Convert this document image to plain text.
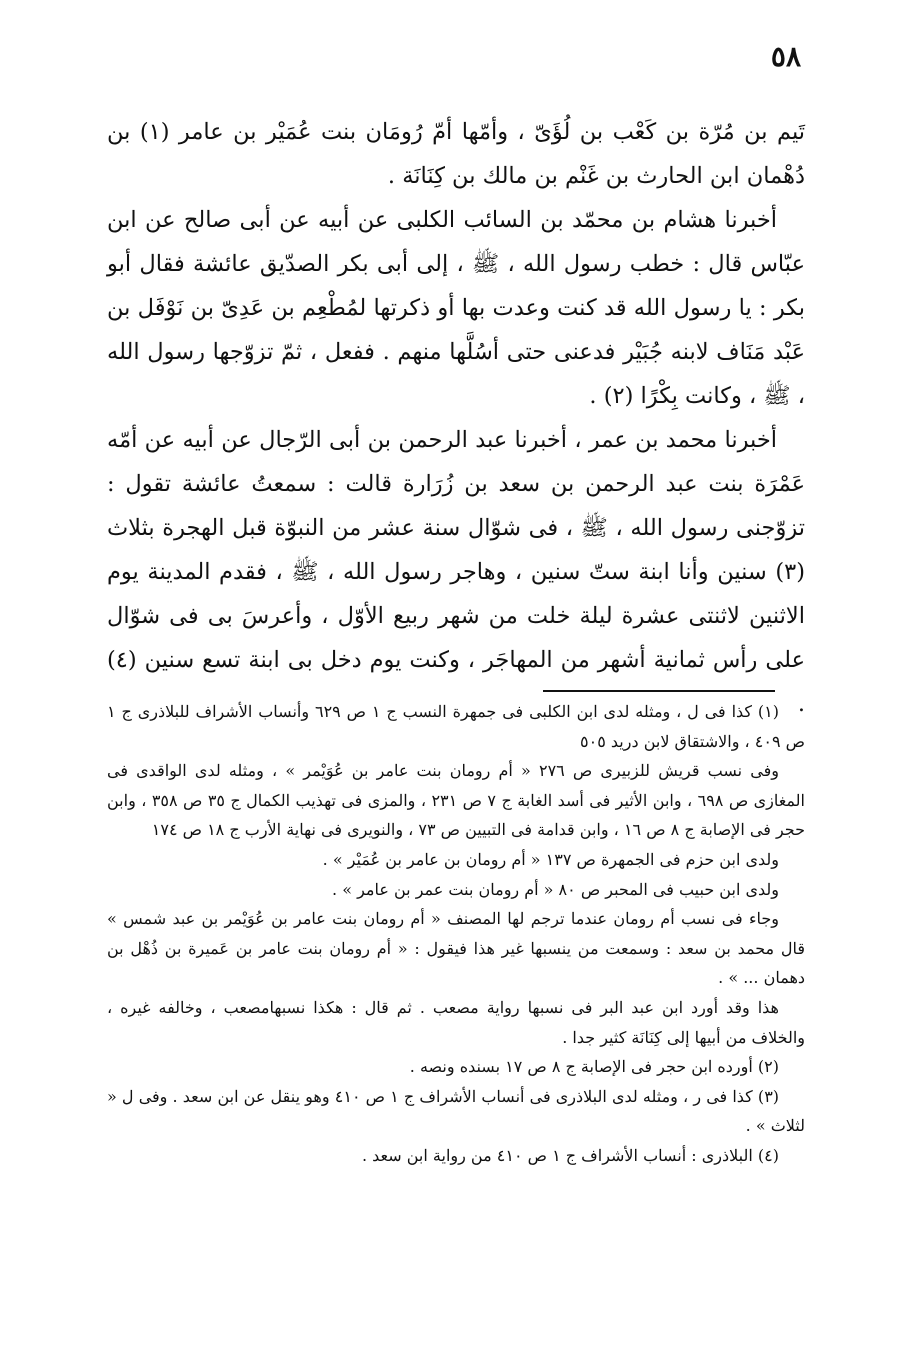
٥٨

تَيم بن مُرّة بن كَعْب بن لُؤَىّ ، وأمّها أمّ رُومَان بنت عُمَيْر بن عامر (١) بن دُهْمان ابن الحارث بن غَنْم بن مالك بن كِنَانَة .

أخبرنا هشام بن محمّد بن السائب الكلبى عن أبيه عن أبى صالح عن ابن عبّاس قال : خطب رسول الله ، ﷺ ، إلى أبى بكر الصدّيق عائشة فقال أبو بكر : يا رسول الله قد كنت وعدت بها أو ذكرتها لمُطْعِم بن عَدِىّ بن نَوْفَل بن عَبْد مَنَاف لابنه جُبَيْر فدعنى حتى أسُلَّها منهم . ففعل ، ثمّ تزوّجها رسول الله ، ﷺ ، وكانت بِكْرًا (٢) .

أخبرنا محمد بن عمر ، أخبرنا عبد الرحمن بن أبى الرّجال عن أبيه عن أمّه عَمْرَة بنت عبد الرحمن بن سعد بن زُرَارة قالت : سمعتُ عائشة تقول : تزوّجنى رسول الله ، ﷺ ، فى شوّال سنة عشر من النبوّة قبل الهجرة بثلاث (٣) سنين وأنا ابنة ستّ سنين ، وهاجر رسول الله ، ﷺ ، فقدم المدينة يوم الاثنين لاثنتى عشرة ليلة خلت من شهر ربيع الأوّل ، وأعرسَ بى فى شوّال على رأس ثمانية أشهر من المهاجَر ، وكنت يوم دخل بى ابنة تسع سنين (٤) .

(١) كذا فى ل ، ومثله لدى ابن الكلبى فى جمهرة النسب ج ١ ص ٦٢٩ وأنساب الأشراف للبلاذرى ج ١ ص ٤٠٩ ، والاشتقاق لابن دريد ٥٠٥

وفى نسب قريش للزبيرى ص ٢٧٦ « أم رومان بنت عامر بن عُوَيْمر » ، ومثله لدى الواقدى فى المغازى ص ٦٩٨ ، وابن الأثير فى أسد الغابة ج ٧ ص ٢٣١ ، والمزى فى تهذيب الكمال ج ٣٥ ص ٣٥٨ ، وابن حجر فى الإصابة ج ٨ ص ١٦ ، وابن قدامة فى التبيين ص ٧٣ ، والنويرى فى نهاية الأرب ج ١٨ ص ١٧٤

ولدى ابن حزم فى الجمهرة ص ١٣٧ « أم رومان بن عامر بن عُمَيْر » .

ولدى ابن حبيب فى المحبر ص ٨٠ « أم رومان بنت عمر بن عامر » .

وجاء فى نسب أم رومان عندما ترجم لها المصنف « أم رومان بنت عامر بن عُوَيْمر بن عبد شمس » قال محمد بن سعد : وسمعت من ينسبها غير هذا فيقول : « أم رومان بنت عامر بن عَميرة بن ذُهْل بن دهمان ... » .

هذا وقد أورد ابن عبد البر فى نسبها رواية مصعب . ثم قال : هكذا نسبهامصعب ، وخالفه غيره ، والخلاف من أبيها إلى كِنَانَة كثير جدا .

(٢) أورده ابن حجر فى الإصابة ج ٨ ص ١٧ بسنده ونصه .

(٣) كذا فى ر ، ومثله لدى البلاذرى فى أنساب الأشراف ج ١ ص ٤١٠ وهو ينقل عن ابن سعد . وفى ل « لثلاث » .

(٤) البلاذرى : أنساب الأشراف ج ١ ص ٤١٠ من رواية ابن سعد .
